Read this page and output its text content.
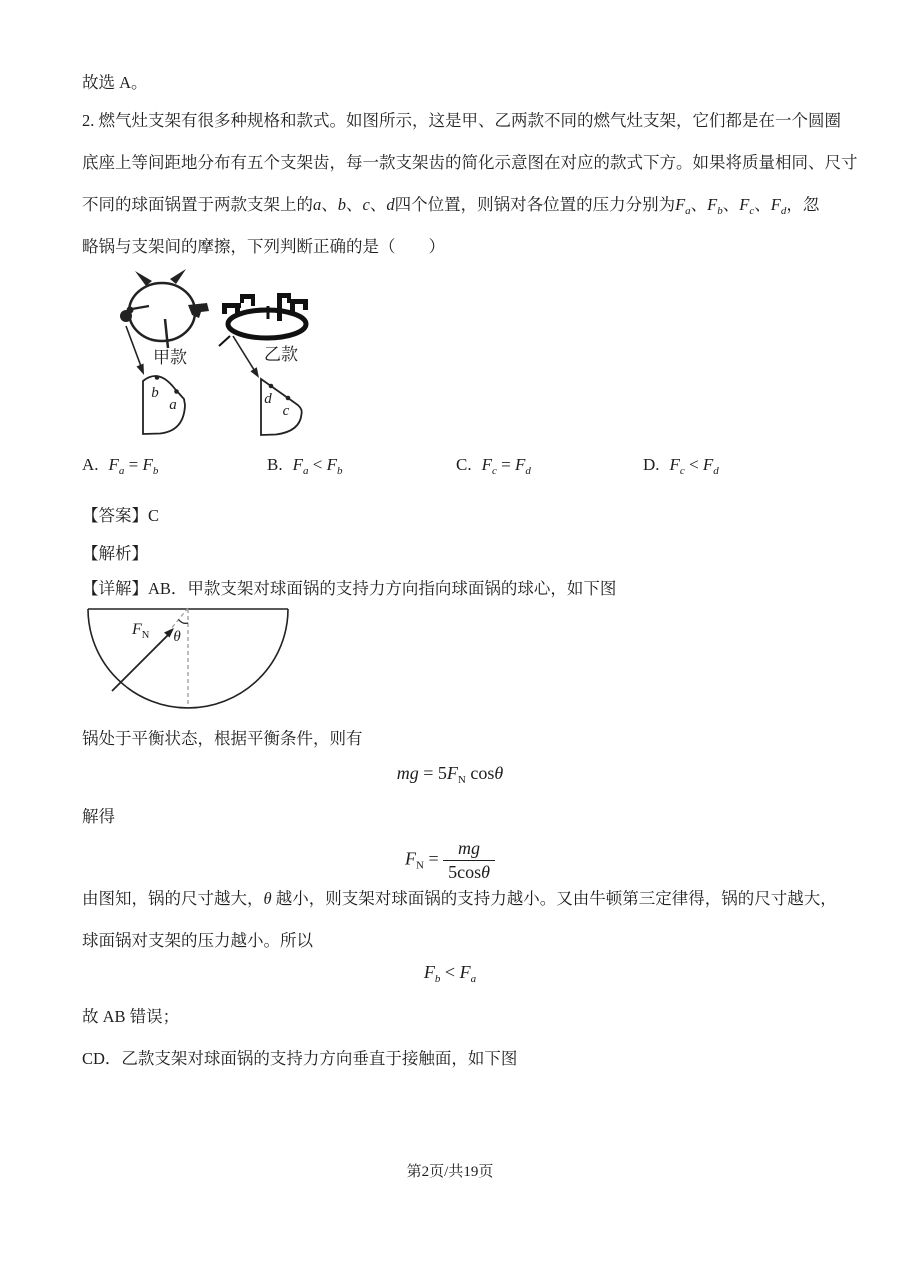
故选 A。
2. 燃气灶支架有很多种规格和款式。如图所示，这是甲、乙两款不同的燃气灶支架，它们都是在一个圆圈
底座上等间距地分布有五个支架齿，每一款支架齿的简化示意图在对应的款式下方。如果将质量相同、尺寸
不同的球面锅置于两款支架上的a、b、c、d四个位置，则锅对各位置的压力分别为$F_a$、$F_b$、$F_c$、$F_d$，忽
略锅与支架间的摩擦，下列判断正确的是（　　）
甲款
b
a
乙款
d
c
A. $F_a = F_b$	B. $F_a < F_b$	C. $F_c = F_d$	D. $F_c < F_d$
【答案】C
【解析】
【详解】AB．甲款支架对球面锅的支持力方向指向球面锅的球心，如下图
$F_N$ θ
锅处于平衡状态，根据平衡条件，则有
mg = $5F_N$ cosθ
解得
$F_N = \frac{mg}{5\cos\theta}$
由图知，锅的尺寸越大，θ 越小，则支架对球面锅的支持力越小。又由牛顿第三定律得，锅的尺寸越大，
球面锅对支架的压力越小。所以
$F_b < F_a$
故 AB 错误；
CD．乙款支架对球面锅的支持力方向垂直于接触面，如下图
第2页/共19页
